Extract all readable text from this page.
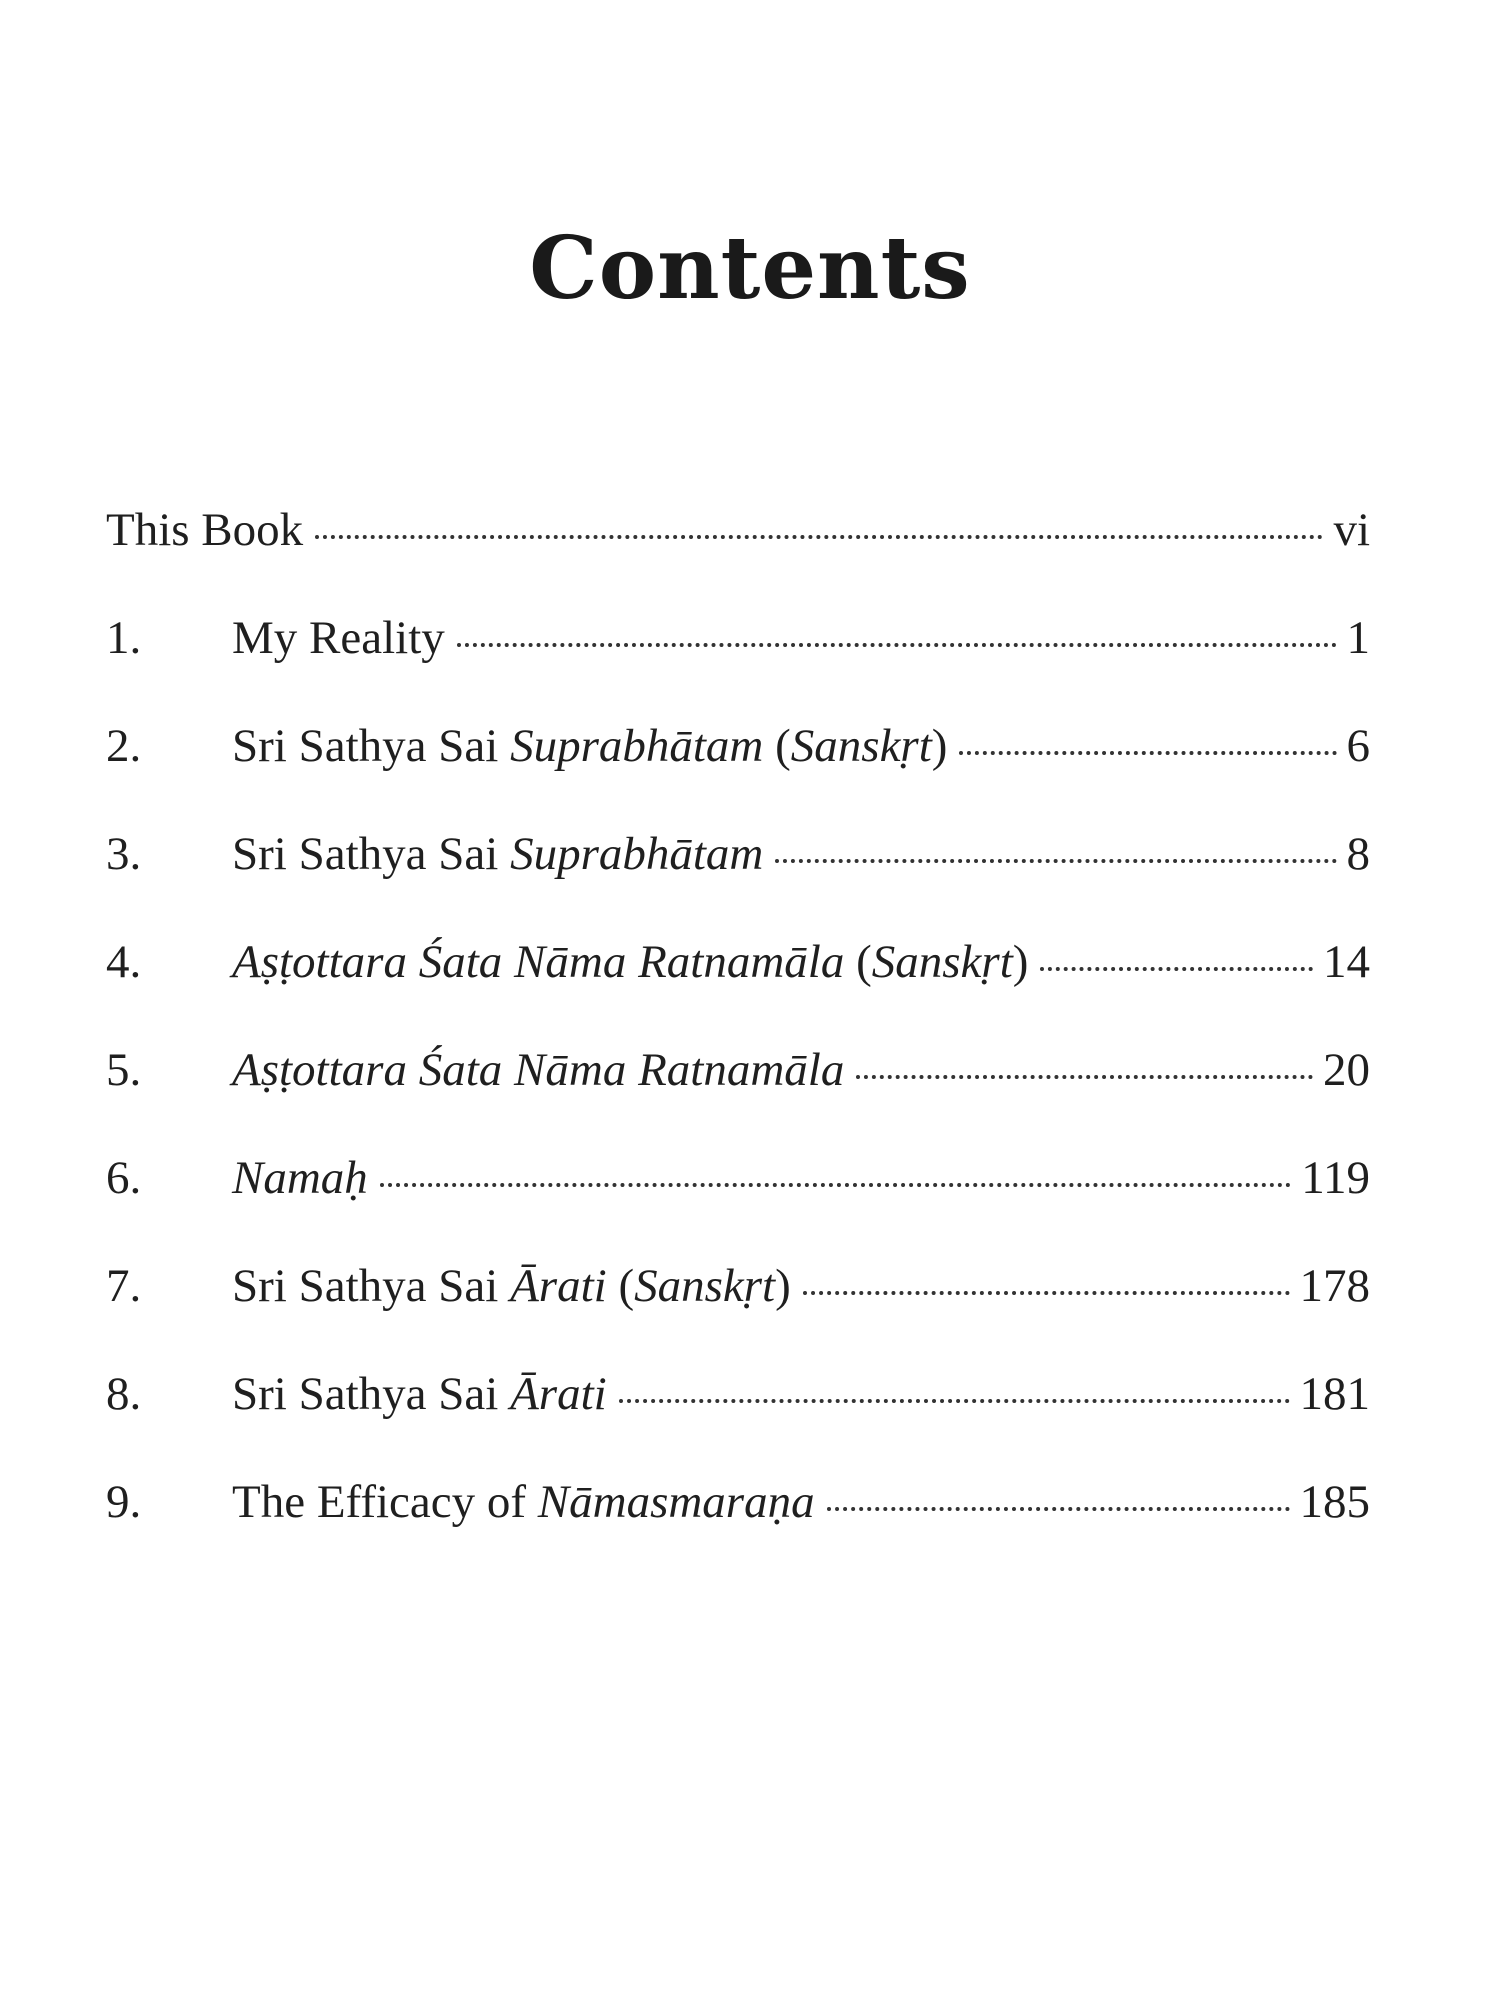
Contents
This Book	vi
1.	My Reality	1
2.	Sri Sathya Sai Suprabhātam (Sanskṛt)	6
3.	Sri Sathya Sai Suprabhātam	8
4.	Aṣṭottara Śata Nāma Ratnamāla (Sanskṛt)	14
5.	Aṣṭottara Śata Nāma Ratnamāla	20
6.	Namaḥ	119
7.	Sri Sathya Sai Ārati (Sanskṛt)	178
8.	Sri Sathya Sai Ārati	181
9.	The Efficacy of Nāmasmaraṇa	185
